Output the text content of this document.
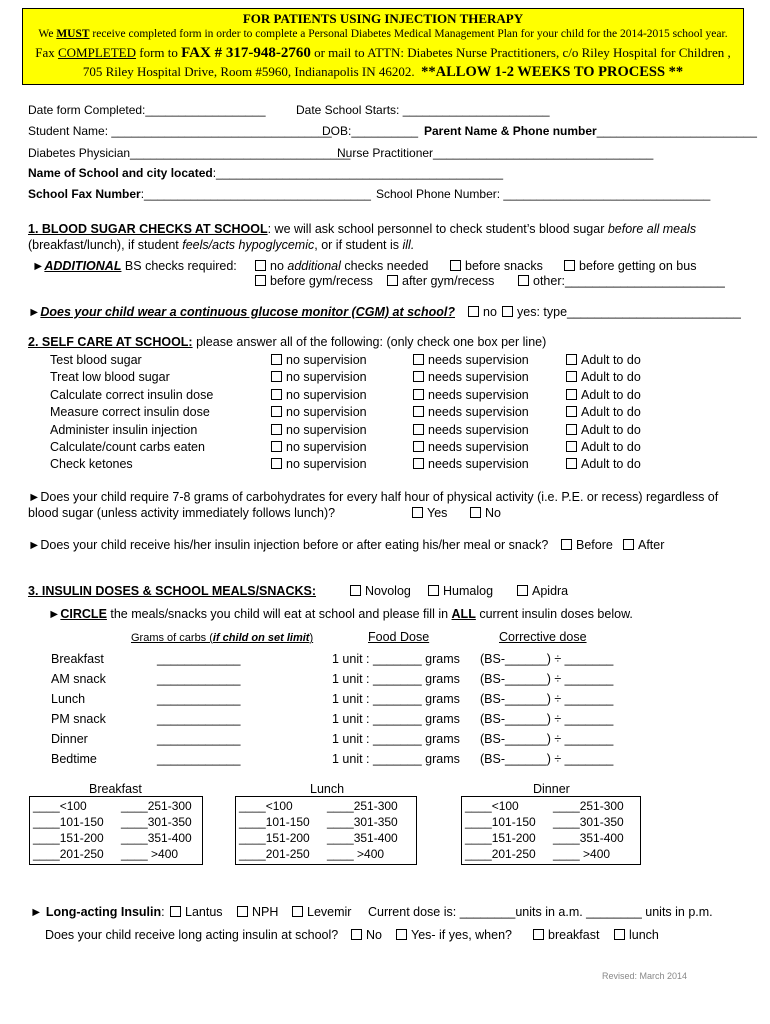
FOR PATIENTS USING INJECTION THERAPY
We MUST receive completed form in order to complete a Personal Diabetes Medical Management Plan for your child for the 2014-2015 school year.
Fax COMPLETED form to FAX # 317-948-2760 or mail to ATTN: Diabetes Nurse Practitioners, c/o Riley Hospital for Children ,
705 Riley Hospital Drive, Room #5960, Indianapolis IN 46202. **ALLOW 1-2 WEEKS TO PROCESS **
Date form Completed:__________________	Date School Starts: ______________________
Student Name: _________________________________
DOB:__________ Parent Name & Phone number________________________
Diabetes Physician_________________________________
Nurse Practitioner_________________________________
Name of School and city located:___________________________________________
School Fax Number:__________________________________ School Phone Number: _______________________________
1. BLOOD SUGAR CHECKS AT SCHOOL: we will ask school personnel to check student’s blood sugar before all meals
(breakfast/lunch), if student feels/acts hypoglycemic, or if student is ill.
►ADDITIONAL BS checks required:	no additional checks needed	before snacks	before getting on bus
before gym/recess	after gym/recess	other:_______________________
►Does your child wear a continuous glucose monitor (CGM) at school?	no	yes: type_________________________
2. SELF CARE AT SCHOOL: please answer all of the following: (only check one box per line)
Test blood sugar	no supervision	needs supervision	Adult to do
Treat low blood sugar	no supervision	needs supervision	Adult to do
Calculate correct insulin dose	no supervision	needs supervision	Adult to do
Measure correct insulin dose	no supervision	needs supervision	Adult to do
Administer insulin injection	no supervision	needs supervision	Adult to do
Calculate/count carbs eaten	no supervision	needs supervision	Adult to do
Check ketones	no supervision	needs supervision	Adult to do
►Does your child require 7-8 grams of carbohydrates for every half hour of physical activity (i.e. P.E. or recess) regardless of
blood sugar (unless activity immediately follows lunch)?	Yes	No
►Does your child receive his/her insulin injection before or after eating his/her meal or snack?	Before	After
3. INSULIN DOSES & SCHOOL MEALS/SNACKS:	Novolog	Humalog	Apidra
►CIRCLE the meals/snacks you child will eat at school and please fill in ALL current insulin doses below.
Grams of carbs (if child on set limit)	Food Dose	Corrective dose
Breakfast	____________	1 unit : _______ grams (BS-______) ÷ _______
AM snack	____________	1 unit : _______ grams (BS-______) ÷ _______
Lunch	____________	1 unit : _______ grams (BS-______) ÷ _______
PM snack	____________	1 unit : _______ grams (BS-______) ÷ _______
Dinner	____________	1 unit : _______ grams (BS-______) ÷ _______
Bedtime	____________	1 unit : _______ grams (BS-______) ÷ _______
Breakfast
____<100	____251-300
____101-150 ____301-350
____151-200 ____351-400
____201-250 ____ >400
Lunch
____<100	____251-300
____101-150 ____301-350
____151-200 ____351-400
____201-250 ____ >400
Dinner
____<100	____251-300
____101-150 ____301-350
____151-200 ____351-400
____201-250 ____ >400
► Long-acting Insulin:	Lantus	NPH	Levemir Current dose is: ________units in a.m. ________ units in p.m.
Does your child receive long acting insulin at school?	No	Yes- if yes, when?	breakfast	lunch
Revised: March 2014
